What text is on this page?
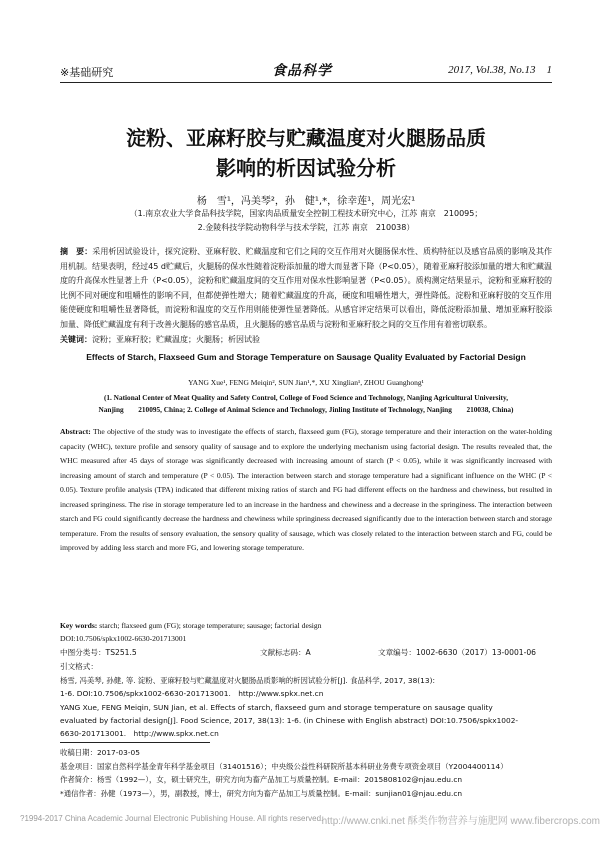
※基础研究	食品科学	2017, Vol.38, No.13 1
淀粉、亚麻籽胶与贮藏温度对火腿肠品质
影响的析因试验分析
杨　雪¹，冯美琴²，孙　健¹,*，徐幸莲¹，周光宏¹
（1.南京农业大学食品科技学院，国家肉品质量安全控制工程技术研究中心，江苏 南京　210095；
2.金陵科技学院动物科学与技术学院，江苏 南京　210038）
摘　要：采用析因试验设计，探究淀粉、亚麻籽胶、贮藏温度和它们之间的交互作用对火腿肠保水性、质构特征以及感官品质的影响及其作用机制。结果表明，经过45 d贮藏后，火腿肠的保水性随着淀粉添加量的增大而显著下降（P<0.05），随着亚麻籽胶添加量的增大和贮藏温度的升高保水性显著上升（P<0.05），淀粉和贮藏温度间的交互作用对保水性影响显著（P<0.05）。质构测定结果显示，淀粉和亚麻籽胶的比例不同对硬度和咀嚼性的影响不同，但都使弹性增大；随着贮藏温度的升高，硬度和咀嚼性增大，弹性降低。淀粉和亚麻籽胶的交互作用能使硬度和咀嚼性显著降低，而淀粉和温度的交互作用则能使弹性显著降低。从感官评定结果可以看出，降低淀粉添加量、增加亚麻籽胶添加量、降低贮藏温度有利于改善火腿肠的感官品质，且火腿肠的感官品质与淀粉和亚麻籽胶之间的交互作用有着密切联系。
关键词：淀粉；亚麻籽胶；贮藏温度；火腿肠；析因试验
Effects of Starch, Flaxseed Gum and Storage Temperature on Sausage Quality Evaluated by Factorial Design
YANG Xue¹, FENG Meiqin², SUN Jian¹,*, XU Xinglian¹, ZHOU Guanghong¹
(1. National Center of Meat Quality and Safety Control, College of Food Science and Technology, Nanjing Agricultural University,
Nanjing　　210095, China; 2. College of Animal Science and Technology, Jinling Institute of Technology, Nanjing　　210038, China)
Abstract: The objective of the study was to investigate the effects of starch, flaxseed gum (FG), storage temperature and their interaction on the water-holding capacity (WHC), texture profile and sensory quality of sausage and to explore the underlying mechanism using factorial design. The results revealed that, the WHC measured after 45 days of storage was significantly decreased with increasing amount of starch (P < 0.05), while it was significantly increased with increasing amount of starch and temperature (P < 0.05). The interaction between starch and storage temperature had a significant influence on the WHC (P < 0.05). Texture profile analysis (TPA) indicated that different mixing ratios of starch and FG had different effects on the hardness and chewiness, but resulted in increased springiness. The rise in storage temperature led to an increase in the hardness and chewiness and a decrease in the springiness. The interaction between starch and FG could significantly decrease the hardness and chewiness while springiness decreased significantly due to the interaction between starch and storage temperature. From the results of sensory evaluation, the sensory quality of sausage, which was closely related to the interaction between starch and FG, could be improved by adding less starch and more FG, and lowering storage temperature.
Key words: starch; flaxseed gum (FG); storage temperature; sausage; factorial design
DOI:10.7506/spkx1002-6630-201713001
中图分类号：TS251.5	文献标志码：A	文章编号：1002-6630（2017）13-0001-06
引文格式：
杨雪, 冯美琴, 孙健, 等. 淀粉、亚麻籽胶与贮藏温度对火腿肠品质影响的析因试验分析[J]. 食品科学, 2017, 38(13):
1-6. DOI:10.7506/spkx1002-6630-201713001.　http://www.spkx.net.cn
YANG Xue, FENG Meiqin, SUN Jian, et al. Effects of starch, flaxseed gum and storage temperature on sausage quality
evaluated by factorial design[J]. Food Science, 2017, 38(13): 1-6. (in Chinese with English abstract) DOI:10.7506/spkx1002-
6630-201713001.　http://www.spkx.net.cn
收稿日期：2017-03-05
基金项目：国家自然科学基金青年科学基金项目（31401516）；中央级公益性科研院所基本科研业务费专项资金项目（Y2004400114）
作者简介：杨雪（1992—），女，硕士研究生，研究方向为畜产品加工与质量控制。E-mail：2015808102@njau.edu.cn
*通信作者：孙健（1973—），男，副教授，博士，研究方向为畜产品加工与质量控制。E-mail：sunjian01@njau.edu.cn
?1994-2017 China Academic Journal Electronic Publishing House. All rights reserved.
http://www.cnki.net 酥类作物营养与施肥网 www.fibercrops.com
